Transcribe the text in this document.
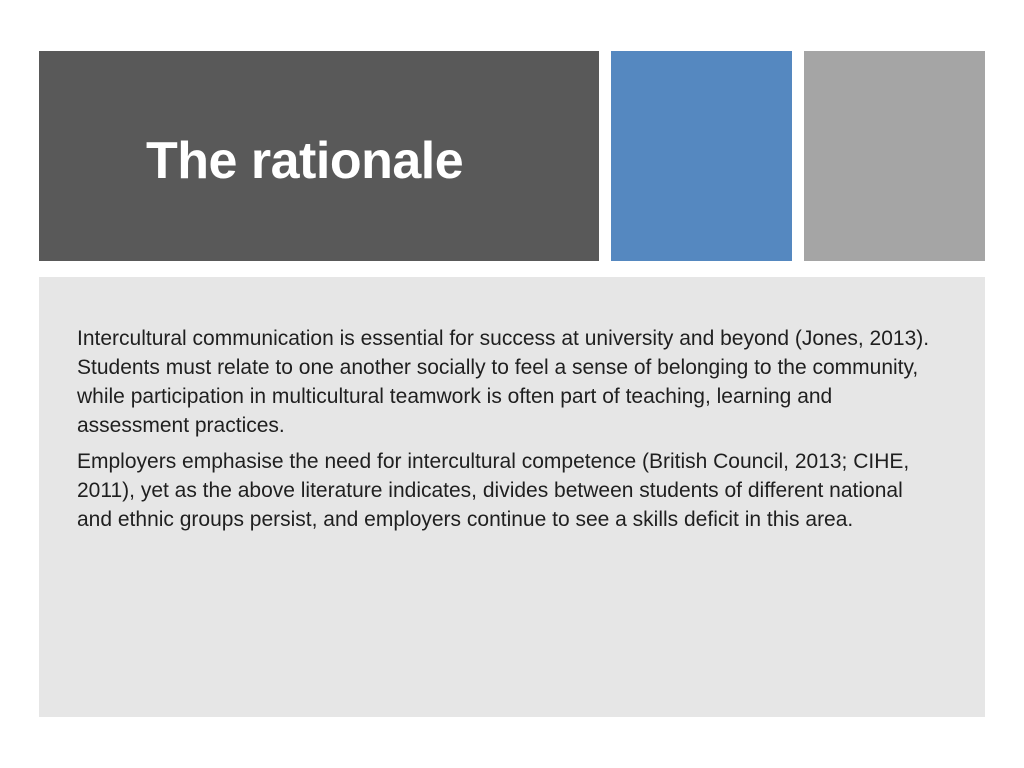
The rationale

Intercultural communication is essential for success at university and beyond (Jones, 2013). Students must relate to one another socially to feel a sense of belonging to the community, while participation in multicultural teamwork is often part of teaching, learning and assessment practices.

Employers emphasise the need for intercultural competence (British Council, 2013; CIHE, 2011), yet as the above literature indicates, divides between students of different national and ethnic groups persist, and employers continue to see a skills deficit in this area.
